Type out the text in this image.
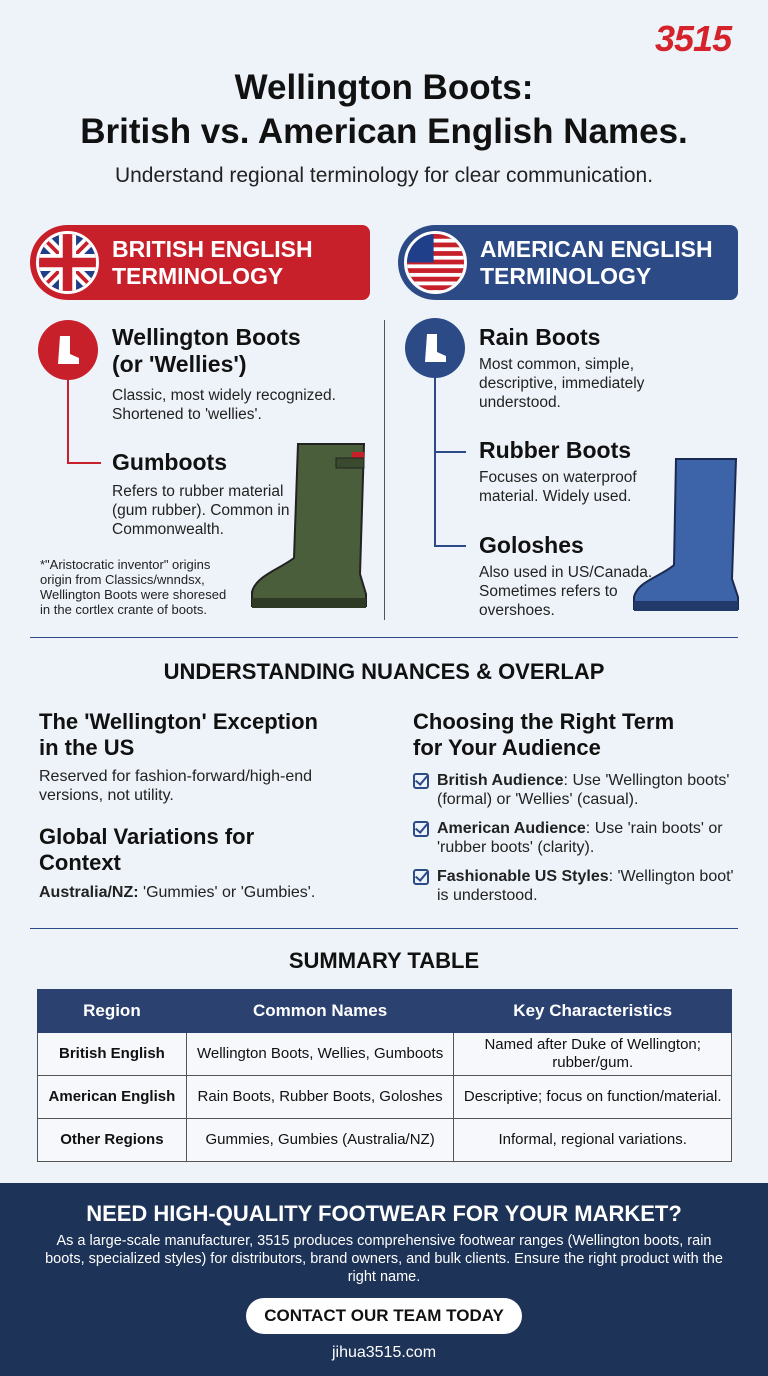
3515
Wellington Boots:
British vs. American English Names.
Understand regional terminology for clear communication.
BRITISH ENGLISH
TERMINOLOGY
AMERICAN ENGLISH
TERMINOLOGY
Wellington Boots
(or 'Wellies')
Classic, most widely recognized.
Shortened to 'wellies'.
Gumboots
Refers to rubber material
(gum rubber). Common in
Commonwealth.
*"Aristocratic inventor" origins
origin from Classics/wnndsx,
Wellington Boots were shoresed
in the cortlex crante of boots.
Rain Boots
Most common, simple,
descriptive, immediately
understood.
Rubber Boots
Focuses on waterproof
material. Widely used.
Goloshes
Also used in US/Canada.
Sometimes refers to
overshoes.
UNDERSTANDING NUANCES & OVERLAP
The 'Wellington' Exception
in the US
Reserved for fashion-forward/high-end
versions, not utility.
Global Variations for
Context
Australia/NZ: 'Gummies' or 'Gumbies'.
Choosing the Right Term
for Your Audience
British Audience: Use 'Wellington boots'
(formal) or 'Wellies' (casual).
American Audience: Use 'rain boots' or
'rubber boots' (clarity).
Fashionable US Styles: 'Wellington boot'
is understood.
SUMMARY TABLE
Region	Common Names	Key Characteristics
British English	Wellington Boots, Wellies, Gumboots	Named after Duke of Wellington; rubber/gum.
American English	Rain Boots, Rubber Boots, Goloshes	Descriptive; focus on function/material.
Other Regions	Gummies, Gumbies (Australia/NZ)	Informal, regional variations.
NEED HIGH-QUALITY FOOTWEAR FOR YOUR MARKET?
As a large-scale manufacturer, 3515 produces comprehensive footwear ranges (Wellington boots, rain boots, specialized styles) for distributors, brand owners, and bulk clients. Ensure the right product with the right name.
CONTACT OUR TEAM TODAY
jihua3515.com
